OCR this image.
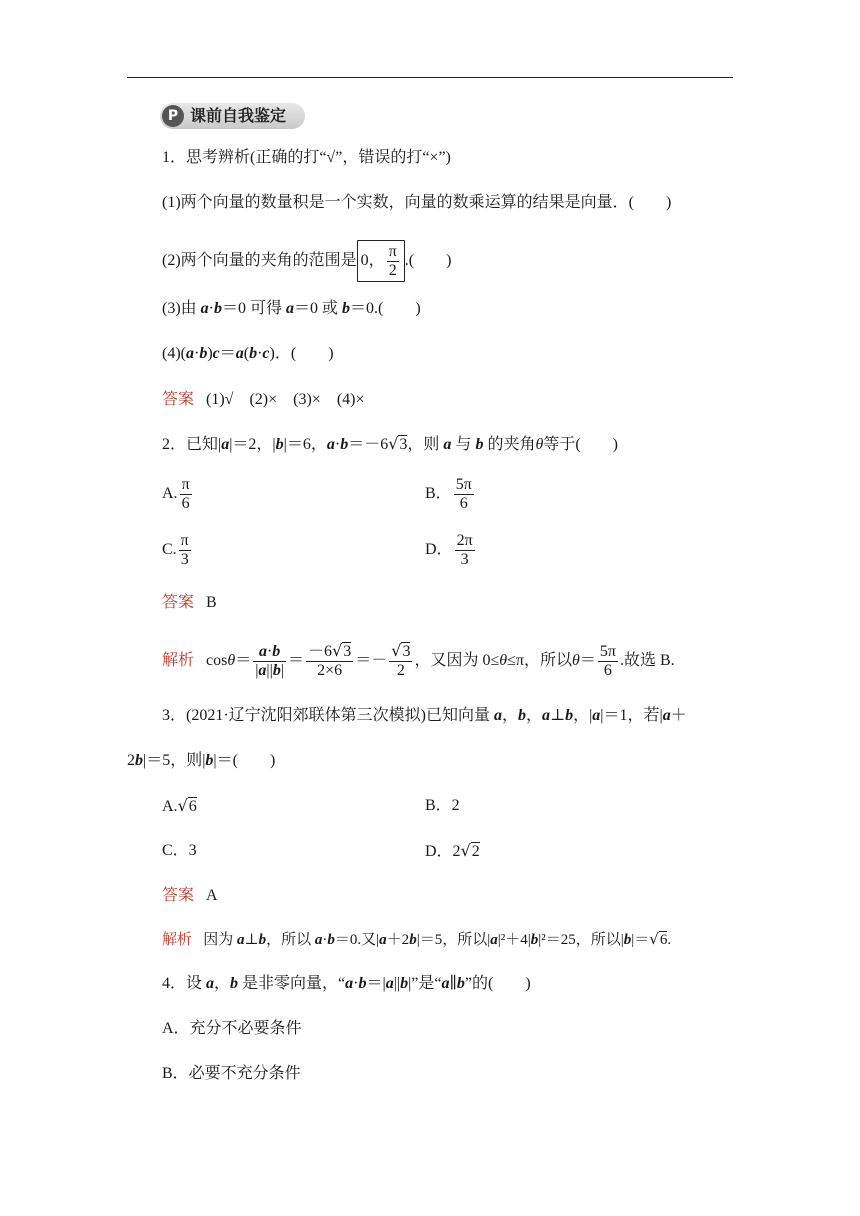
P 课前自我鉴定
1．思考辨析(正确的打“√”，错误的打“×”)
(1)两个向量的数量积是一个实数，向量的数乘运算的结果是向量．(　　)
(2)两个向量的夹角的范围是 0， $\frac{\pi}{2}$ .(　　)
(3)由 a·b＝0 可得 a＝0 或 b＝0.(　　)
(4)(a·b)c＝a(b·c)．(　　)
答案 (1)√　(2)×　(3)×　(4)×
2．已知|a|＝2，|b|＝6，a·b＝－6√3，则 a 与 b 的夹角θ等于(　　)
A. $\frac{\pi}{6}$	B． $\frac{5\pi}{6}$
C. $\frac{\pi}{3}$	D． $\frac{2\pi}{3}$
答案 B
解析 $\cos\theta= \frac{a\cdot b}{|a||b|} = \frac{-6√3}{2\times 6} =- \frac{√3}{2}$ ，又因为 0≤θ≤π，所以$\theta= \frac{5\pi}{6}$ .故选 B.
3．(2021·辽宁沈阳郊联体第三次模拟)已知向量 a，b，a⊥b，|a|＝1，若|a＋
2b|＝5，则|b|＝(　　)
A.√6	B．2
C．3	D．2√2
答案 A
解析 因为 a⊥b，所以 a·b＝0.又|a＋2b|＝5，所以|a|²＋4|b|²＝25，所以|b|＝√6.
4．设 a，b 是非零向量，“a·b＝|a||b|”是“a∥b”的(　　)
A．充分不必要条件
B．必要不充分条件
